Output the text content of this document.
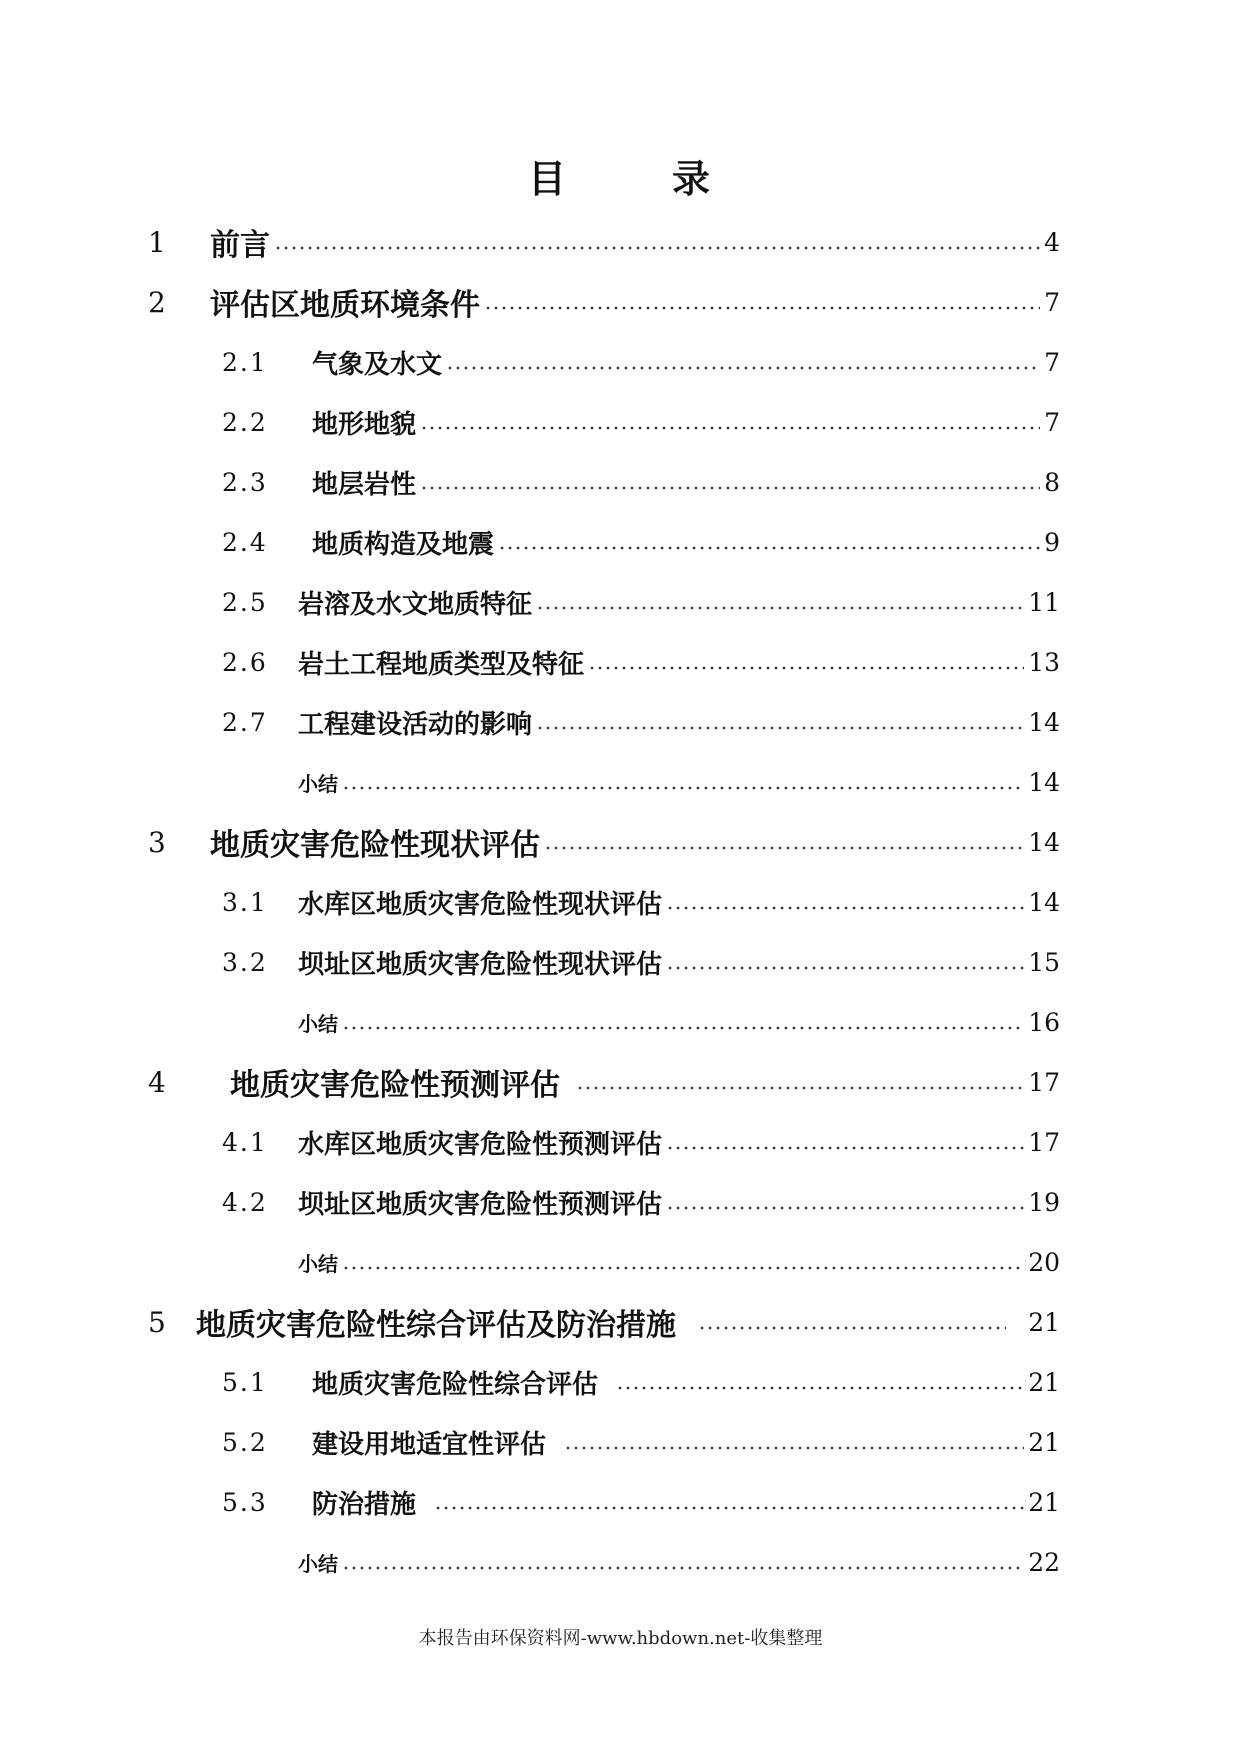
目	录
1	前言	4
2	评估区地质环境条件	7
2.1	气象及水文	7
2.2	地形地貌	7
2.3	地层岩性	8
2.4	地质构造及地震	9
2.5	岩溶及水文地质特征	11
2.6	岩土工程地质类型及特征	13
2.7	工程建设活动的影响	14
小结	14
3	地质灾害危险性现状评估	14
3.1	水库区地质灾害危险性现状评估	14
3.2	坝址区地质灾害危险性现状评估	15
小结	16
4	地质灾害危险性预测评估	17
4.1	水库区地质灾害危险性预测评估	17
4.2	坝址区地质灾害危险性预测评估	19
小结	20
5	地质灾害危险性综合评估及防治措施	21
5.1	地质灾害危险性综合评估	21
5.2	建设用地适宜性评估	21
5.3	防治措施	21
小结	22
本报告由环保资料网-www.hbdown.net-收集整理
